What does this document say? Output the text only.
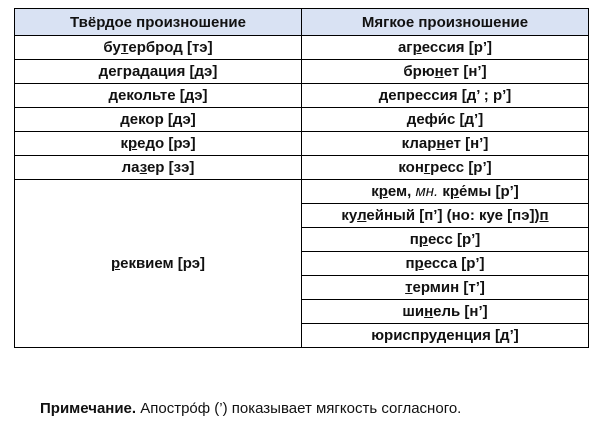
Твёрдое произношение	Мягкое произношение
бутерброд [тэ]	агрессия [р’]
деградация [дэ]	брюнет [н’]
декольте [дэ]	депрессия [д’ ; р’]
декор [дэ]	дефи́с [д’]
кредо [рэ]	кларнет [н’]
лазер [зэ]	конгресс [р’]

реквием [рэ]	крем, мн. кре́мы [р’]
	кулейный [п’] (но: куе [пэ])п
	пресс [р’]
	пресса [р’]
	термин [т’]
	шинель [н’]
	юриспруденция [д’]
Примечание. Апостро́ф (’) показывает мягкость согласного.
